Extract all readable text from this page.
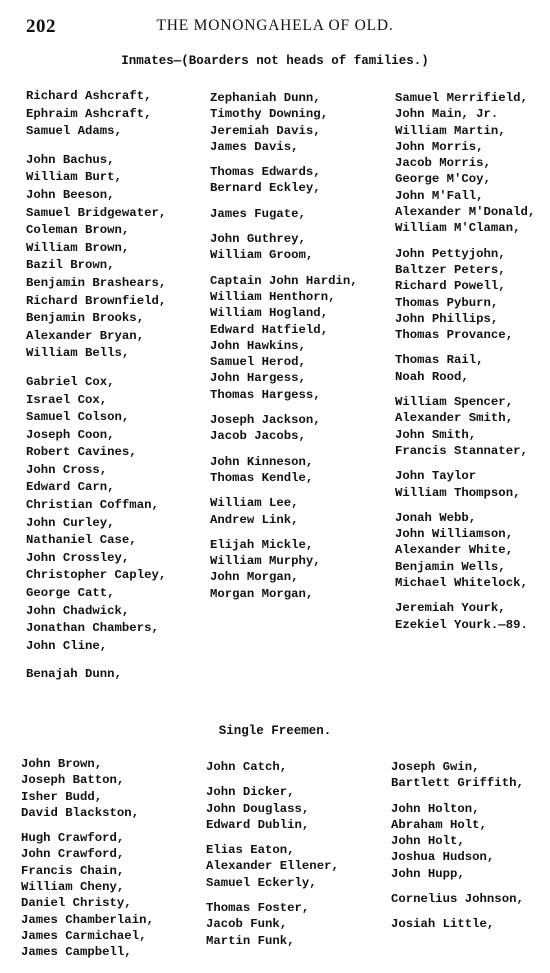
202	THE MONONGAHELA OF OLD.
Inmates—(Boarders not heads of families.)
Richard Ashcraft,
Ephraim Ashcraft,
Samuel Adams,
John Bachus,
William Burt,
John Beeson,
Samuel Bridgewater,
Coleman Brown,
William Brown,
Bazil Brown,
Benjamin Brashears,
Richard Brownfield,
Benjamin Brooks,
Alexander Bryan,
William Bells,
Gabriel Cox,
Israel Cox,
Samuel Colson,
Joseph Coon,
Robert Cavines,
John Cross,
Edward Carn,
Christian Coffman,
John Curley,
Nathaniel Case,
John Crossley,
Christopher Capley,
George Catt,
John Chadwick,
Jonathan Chambers,
John Cline,
Benajah Dunn,
Zephaniah Dunn,
Timothy Downing,
Jeremiah Davis,
James Davis,
Thomas Edwards,
Bernard Eckley,
James Fugate,
John Guthrey,
William Groom,
Captain John Hardin,
William Henthorn,
William Hogland,
Edward Hatfield,
John Hawkins,
Samuel Herod,
John Hargess,
Thomas Hargess,
Joseph Jackson,
Jacob Jacobs,
John Kinneson,
Thomas Kendle,
William Lee,
Andrew Link,
Elijah Mickle,
William Murphy,
John Morgan,
Morgan Morgan,
Samuel Merrifield,
John Main, Jr.
William Martin,
John Morris,
Jacob Morris,
George M'Coy,
John M'Fall,
Alexander M'Donald,
William M'Claman,
John Pettyjohn,
Baltzer Peters,
Richard Powell,
Thomas Pyburn,
John Phillips,
Thomas Provance,
Thomas Rail,
Noah Rood,
William Spencer,
Alexander Smith,
John Smith,
Francis Stannater,
John Taylor
William Thompson,
Jonah Webb,
John Williamson,
Alexander White,
Benjamin Wells,
Michael Whitelock,
Jeremiah Yourk,
Ezekiel Yourk.—89.
Single Freemen.
John Brown,
Joseph Batton,
Isher Budd,
David Blackston,
Hugh Crawford,
John Crawford,
Francis Chain,
William Cheny,
Daniel Christy,
James Chamberlain,
James Carmichael,
James Campbell,
John Catch,
John Dicker,
John Douglass,
Edward Dublin,
Elias Eaton,
Alexander Ellener,
Samuel Eckerly,
Thomas Foster,
Jacob Funk,
Martin Funk,
Joseph Gwin,
Bartlett Griffith,
John Holton,
Abraham Holt,
John Holt,
Joshua Hudson,
John Hupp,
Cornelius Johnson,
Josiah Little,
